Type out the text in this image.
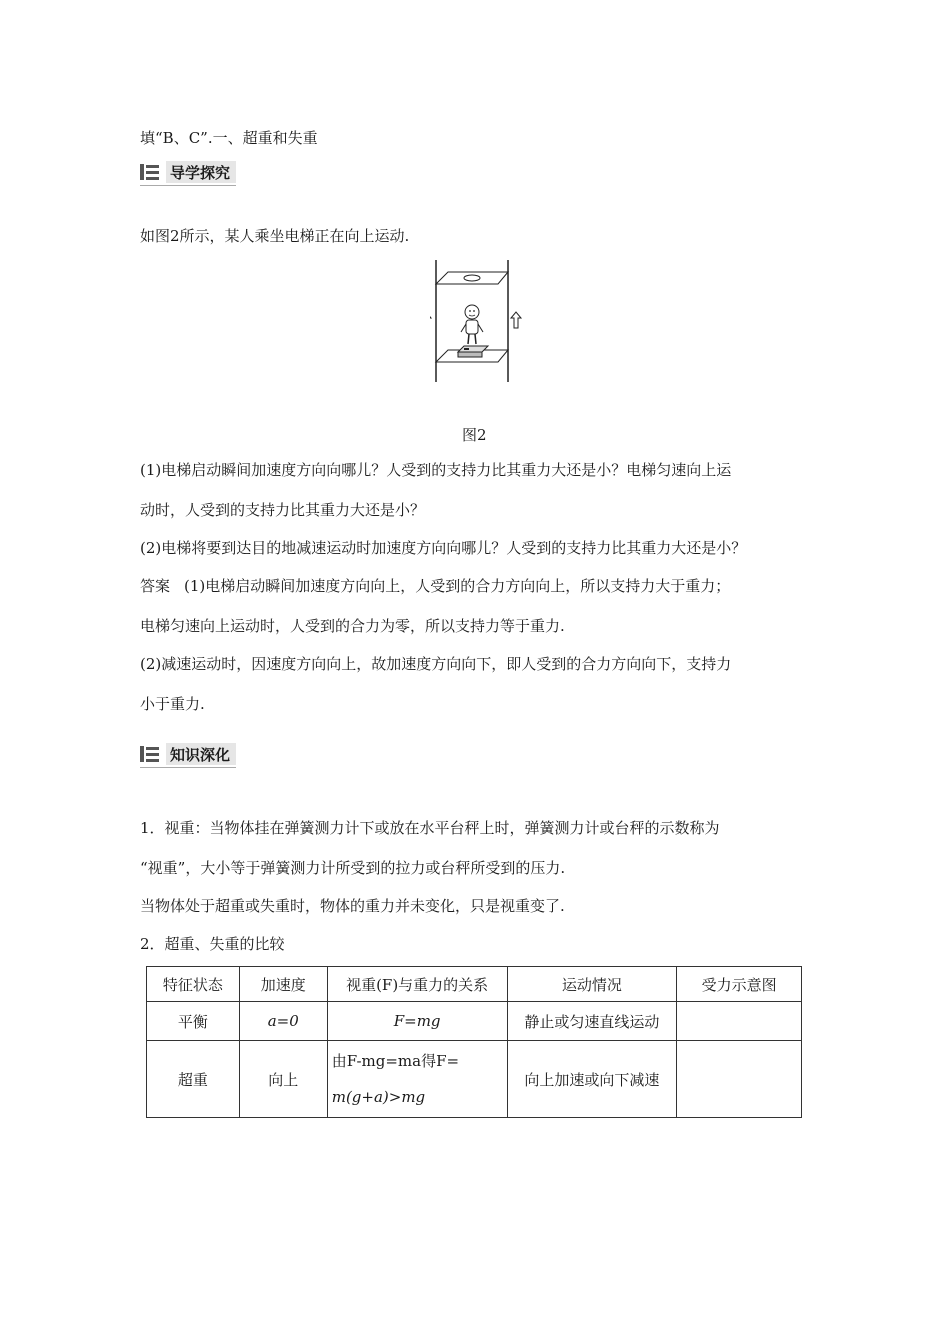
填“B、C”.一、超重和失重
导学探究
如图2所示，某人乘坐电梯正在向上运动.
图2
(1)电梯启动瞬间加速度方向向哪儿？人受到的支持力比其重力大还是小？电梯匀速向上运
动时，人受到的支持力比其重力大还是小？
(2)电梯将要到达目的地减速运动时加速度方向向哪儿？人受到的支持力比其重力大还是小？
答案 (1)电梯启动瞬间加速度方向向上，人受到的合力方向向上，所以支持力大于重力；
电梯匀速向上运动时，人受到的合力为零，所以支持力等于重力.
(2)减速运动时，因速度方向向上，故加速度方向向下，即人受到的合力方向向下，支持力
小于重力.
知识深化
1．视重：当物体挂在弹簧测力计下或放在水平台秤上时，弹簧测力计或台秤的示数称为
“视重”，大小等于弹簧测力计所受到的拉力或台秤所受到的压力.
当物体处于超重或失重时，物体的重力并未变化，只是视重变了.
2．超重、失重的比较
特征状态	加速度	视重(F)与重力的关系	运动情况	受力示意图
平衡	a=0	F=mg	静止或匀速直线运动	
超重	向上	由F-mg=ma得F=
m(g+a)>mg	向上加速或向下减速	
